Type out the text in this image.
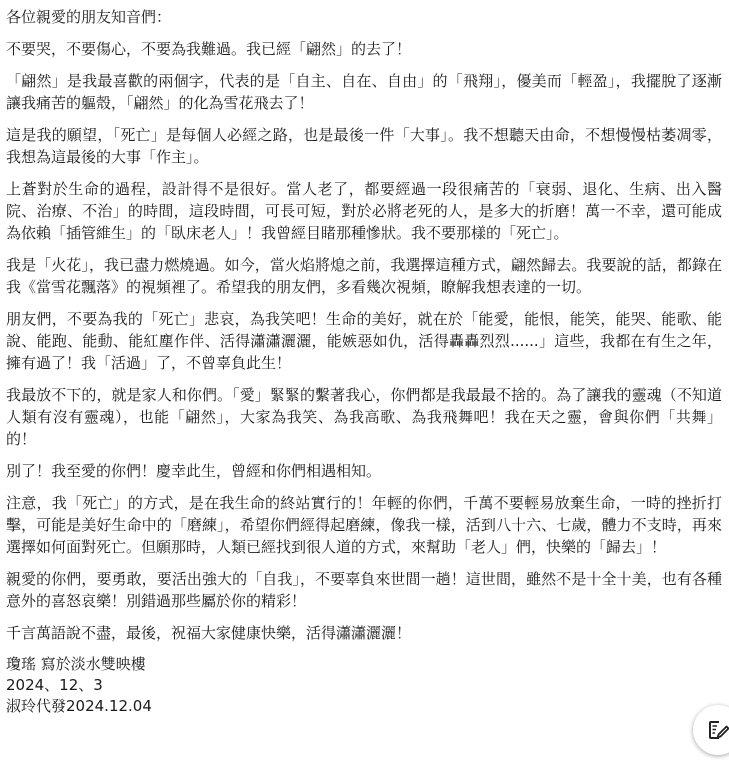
各位親愛的朋友知音們：

不要哭，不要傷心，不要為我難過。我已經「翩然」的去了！

「翩然」是我最喜歡的兩個字，代表的是「自主、自在、自由」的「飛翔」，優美而「輕盈」，我擺脫了逐漸讓我痛苦的軀殼，「翩然」的化為雪花飛去了！

這是我的願望，「死亡」是每個人必經之路，也是最後一件「大事」。我不想聽天由命，不想慢慢枯萎凋零，我想為這最後的大事「作主」。

上蒼對於生命的過程，設計得不是很好。當人老了，都要經過一段很痛苦的「衰弱、退化、生病、出入醫院、治療、不治」的時間，這段時間，可長可短，對於必將老死的人，是多大的折磨！萬一不幸，還可能成為依賴「插管維生」的「臥床老人」！我曾經目睹那種慘狀。我不要那樣的「死亡」。

我是「火花」，我已盡力燃燒過。如今，當火焰將熄之前，我選擇這種方式，翩然歸去。我要說的話，都錄在我《當雪花飄落》的視頻裡了。希望我的朋友們，多看幾次視頻，瞭解我想表達的一切。

朋友們，不要為我的「死亡」悲哀，為我笑吧！生命的美好，就在於「能愛，能恨，能笑，能哭、能歌、能說、能跑、能動、能紅塵作伴、活得瀟瀟灑灑，能嫉惡如仇，活得轟轟烈烈......」這些，我都在有生之年，擁有過了！我「活過」了，不曾辜負此生！

我最放不下的，就是家人和你們。「愛」緊緊的繫著我心，你們都是我最最不捨的。為了讓我的靈魂（不知道人類有沒有靈魂），也能「翩然」，大家為我笑、為我高歌、為我飛舞吧！我在天之靈，會與你們「共舞」的！

別了！我至愛的你們！慶幸此生，曾經和你們相遇相知。

注意，我「死亡」的方式，是在我生命的終站實行的！年輕的你們，千萬不要輕易放棄生命，一時的挫折打擊，可能是美好生命中的「磨練」，希望你們經得起磨練，像我一樣，活到八十六、七歲，體力不支時，再來選擇如何面對死亡。但願那時，人類已經找到很人道的方式，來幫助「老人」們，快樂的「歸去」！

親愛的你們，要勇敢，要活出強大的「自我」，不要辜負來世間一趟！這世間，雖然不是十全十美，也有各種意外的喜怒哀樂！別錯過那些屬於你的精彩！

千言萬語說不盡，最後，祝福大家健康快樂，活得瀟瀟灑灑！

瓊瑤 寫於淡水雙映樓

2024、12、3

淑玲代發2024.12.04
